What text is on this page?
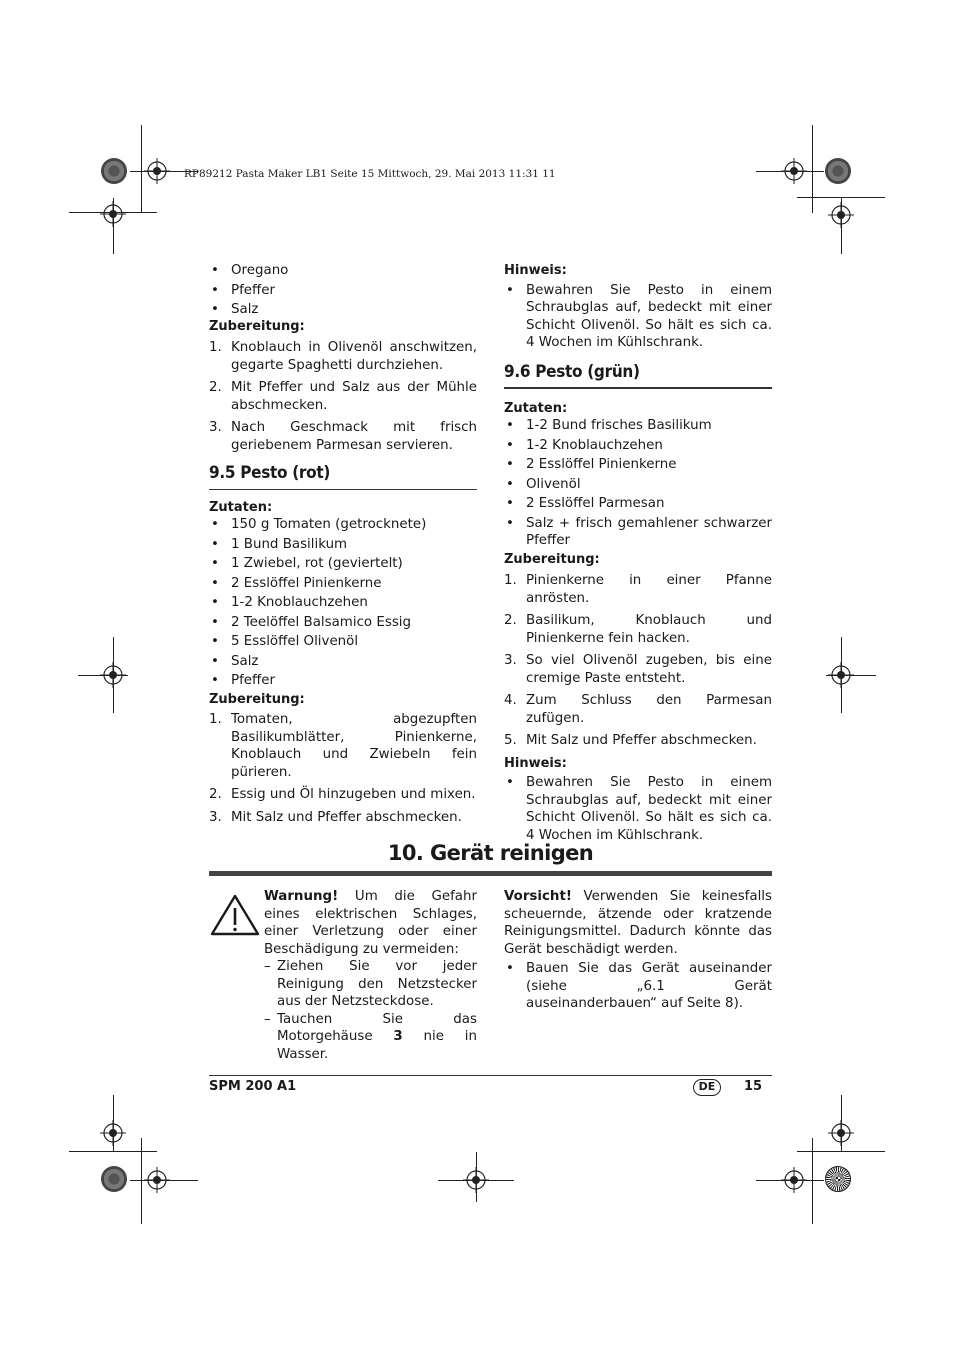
RP89212 Pasta Maker LB1 Seite 15 Mittwoch, 29. Mai 2013 11:31 11
• Oregano
• Pfeffer
• Salz

Zubereitung:

1. Knoblauch in Olivenöl anschwitzen, gegarte Spaghetti durchziehen.
2. Mit Pfeffer und Salz aus der Mühle abschmecken.
3. Nach Geschmack mit frisch geriebenem Parmesan servieren.
9.5 Pesto (rot)

Zutaten:

• 150 g Tomaten (getrocknete)
• 1 Bund Basilikum
• 1 Zwiebel, rot (geviertelt)
• 2 Esslöffel Pinienkerne
• 1-2 Knoblauchzehen
• 2 Teelöffel Balsamico Essig
• 5 Esslöffel Olivenöl
• Salz
• Pfeffer

Zubereitung:

1. Tomaten, abgezupften Basilikumblätter, Pinienkerne, Knoblauch und Zwiebeln fein pürieren.
2. Essig und Öl hinzugeben und mixen.
3. Mit Salz und Pfeffer abschmecken.

Hinweis:

• Bewahren Sie Pesto in einem Schraubglas auf, bedeckt mit einer Schicht Olivenöl. So hält es sich ca. 4 Wochen im Kühlschrank.
9.6 Pesto (grün)

Zutaten:

• 1-2 Bund frisches Basilikum
• 1-2 Knoblauchzehen
• 2 Esslöffel Pinienkerne
• Olivenöl
• 2 Esslöffel Parmesan
• Salz + frisch gemahlener schwarzer Pfeffer

Zubereitung:

1. Pinienkerne in einer Pfanne anrösten.
2. Basilikum, Knoblauch und Pinienkerne fein hacken.
3. So viel Olivenöl zugeben, bis eine cremige Paste entsteht.
4. Zum Schluss den Parmesan zufügen.
5. Mit Salz und Pfeffer abschmecken.

Hinweis:

• Bewahren Sie Pesto in einem Schraubglas auf, bedeckt mit einer Schicht Olivenöl. So hält es sich ca. 4 Wochen im Kühlschrank.
10. Gerät reinigen

Warnung! Um die Gefahr eines elektrischen Schlages, einer Verletzung oder einer Beschädigung zu vermeiden:

– Ziehen Sie vor jeder Reinigung den Netzstecker aus der Netzsteckdose.
– Tauchen Sie das Motorgehäuse 3 nie in Wasser.

Vorsicht! Verwenden Sie keinesfalls scheuernde, ätzende oder kratzende Reinigungsmittel. Dadurch könnte das Gerät beschädigt werden.

• Bauen Sie das Gerät auseinander (siehe „6.1 Gerät auseinanderbauen“ auf Seite 8).
SPM 200 A1	DE	15
